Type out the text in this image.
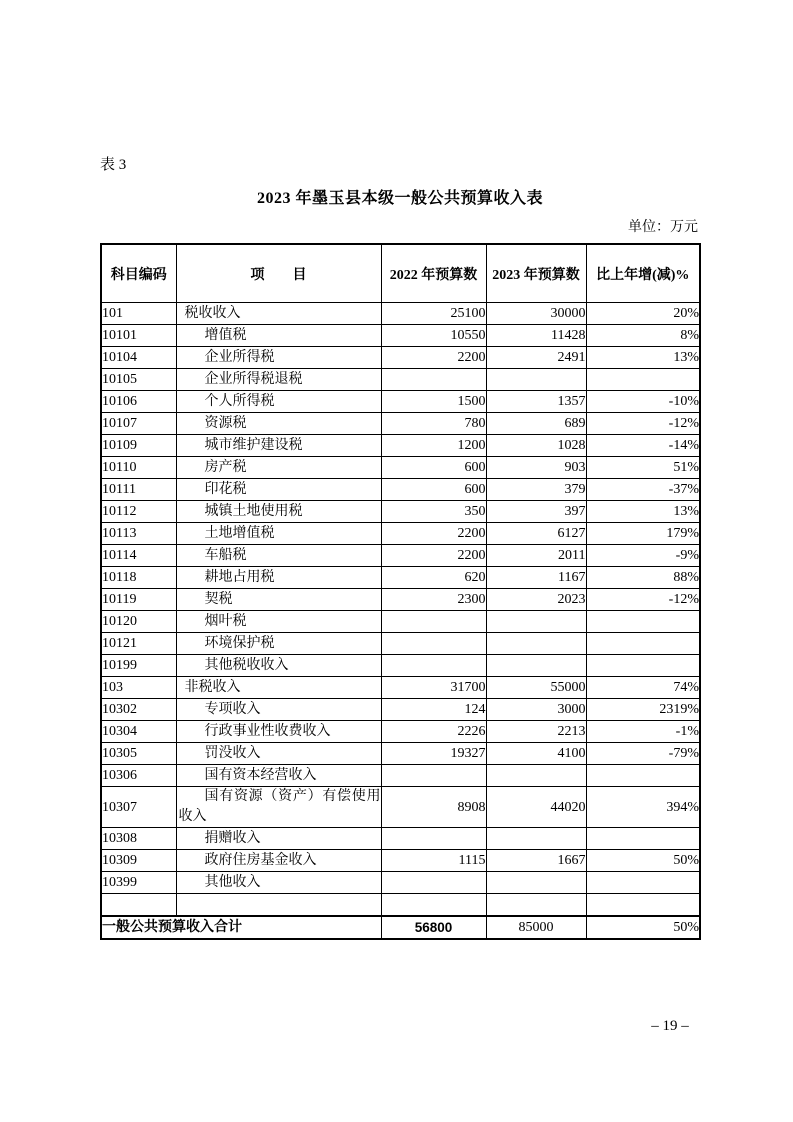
表 3
2023 年墨玉县本级一般公共预算收入表
单位：万元
科目编码	项　　目	2022 年预算数	2023 年预算数	比上年增(减)%
101	税收收入	25100	30000	20%
10101	增值税	10550	11428	8%
10104	企业所得税	2200	2491	13%
10105	企业所得税退税			
10106	个人所得税	1500	1357	-10%
10107	资源税	780	689	-12%
10109	城市维护建设税	1200	1028	-14%
10110	房产税	600	903	51%
10111	印花税	600	379	-37%
10112	城镇土地使用税	350	397	13%
10113	土地增值税	2200	6127	179%
10114	车船税	2200	2011	-9%
10118	耕地占用税	620	1167	88%
10119	契税	2300	2023	-12%
10120	烟叶税			
10121	环境保护税			
10199	其他税收收入			
103	非税收入	31700	55000	74%
10302	专项收入	124	3000	2319%
10304	行政事业性收费收入	2226	2213	-1%
10305	罚没收入	19327	4100	-79%
10306	国有资本经营收入			
10307	国有资源（资产）有偿使用收入	8908	44020	394%
10308	捐赠收入			
10309	政府住房基金收入	1115	1667	50%
10399	其他收入			

一般公共预算收入合计		56800	85000	50%
– 19 –
